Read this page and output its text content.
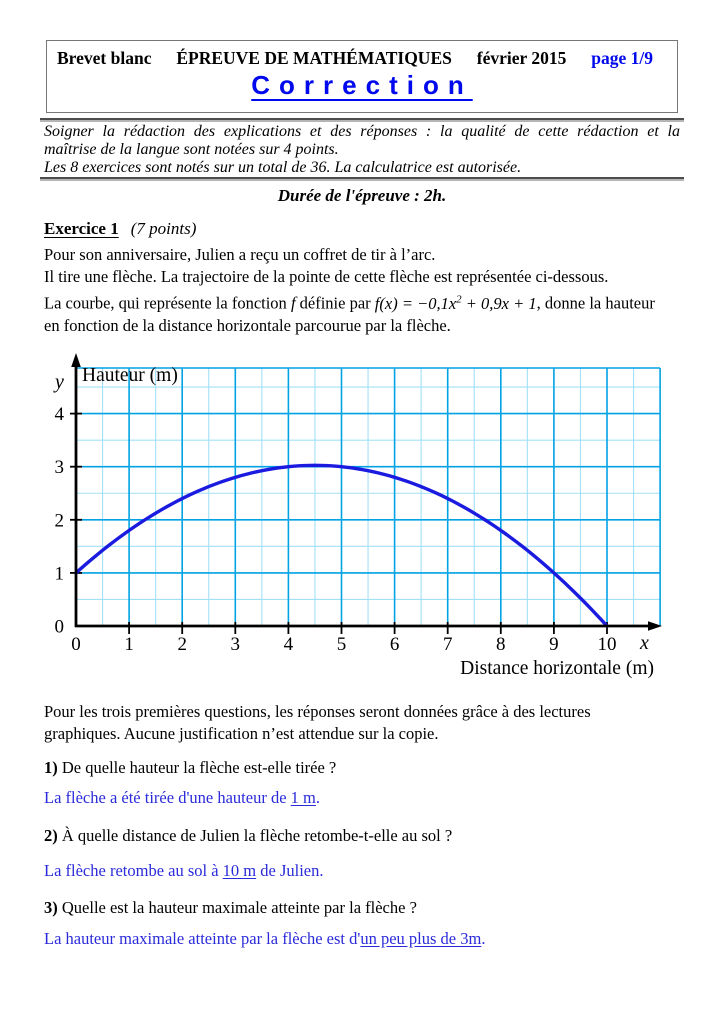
Brevet blanc ÉPREUVE DE MATHÉMATIQUES février 2015 page 1/9
Correction
Soigner la rédaction des explications et des réponses : la qualité de cette rédaction et la
maîtrise de la langue sont notées sur 4 points.
Les 8 exercices sont notés sur un total de 36. La calculatrice est autorisée.
Durée de l'épreuve : 2h.
Exercice 1 (7 points)
Pour son anniversaire, Julien a reçu un coffret de tir à l’arc.
Il tire une flèche. La trajectoire de la pointe de cette flèche est représentée ci-dessous.
La courbe, qui représente la fonction f définie par $f(x) = -0,1x^2 + 0,9x + 1$, donne la hauteur
en fonction de la distance horizontale parcourue par la flèche.
0 1 2 3 4 5 6 7 8 9 10
0
1
2
3
4
y Hauteur (m)
x
Distance horizontale (m)
Pour les trois premières questions, les réponses seront données grâce à des lectures
graphiques. Aucune justification n’est attendue sur la copie.
1) De quelle hauteur la flèche est-elle tirée ?
La flèche a été tirée d'une hauteur de 1 m.
2) À quelle distance de Julien la flèche retombe-t-elle au sol ?
La flèche retombe au sol à 10 m de Julien.
3) Quelle est la hauteur maximale atteinte par la flèche ?
La hauteur maximale atteinte par la flèche est d'un peu plus de 3m.
